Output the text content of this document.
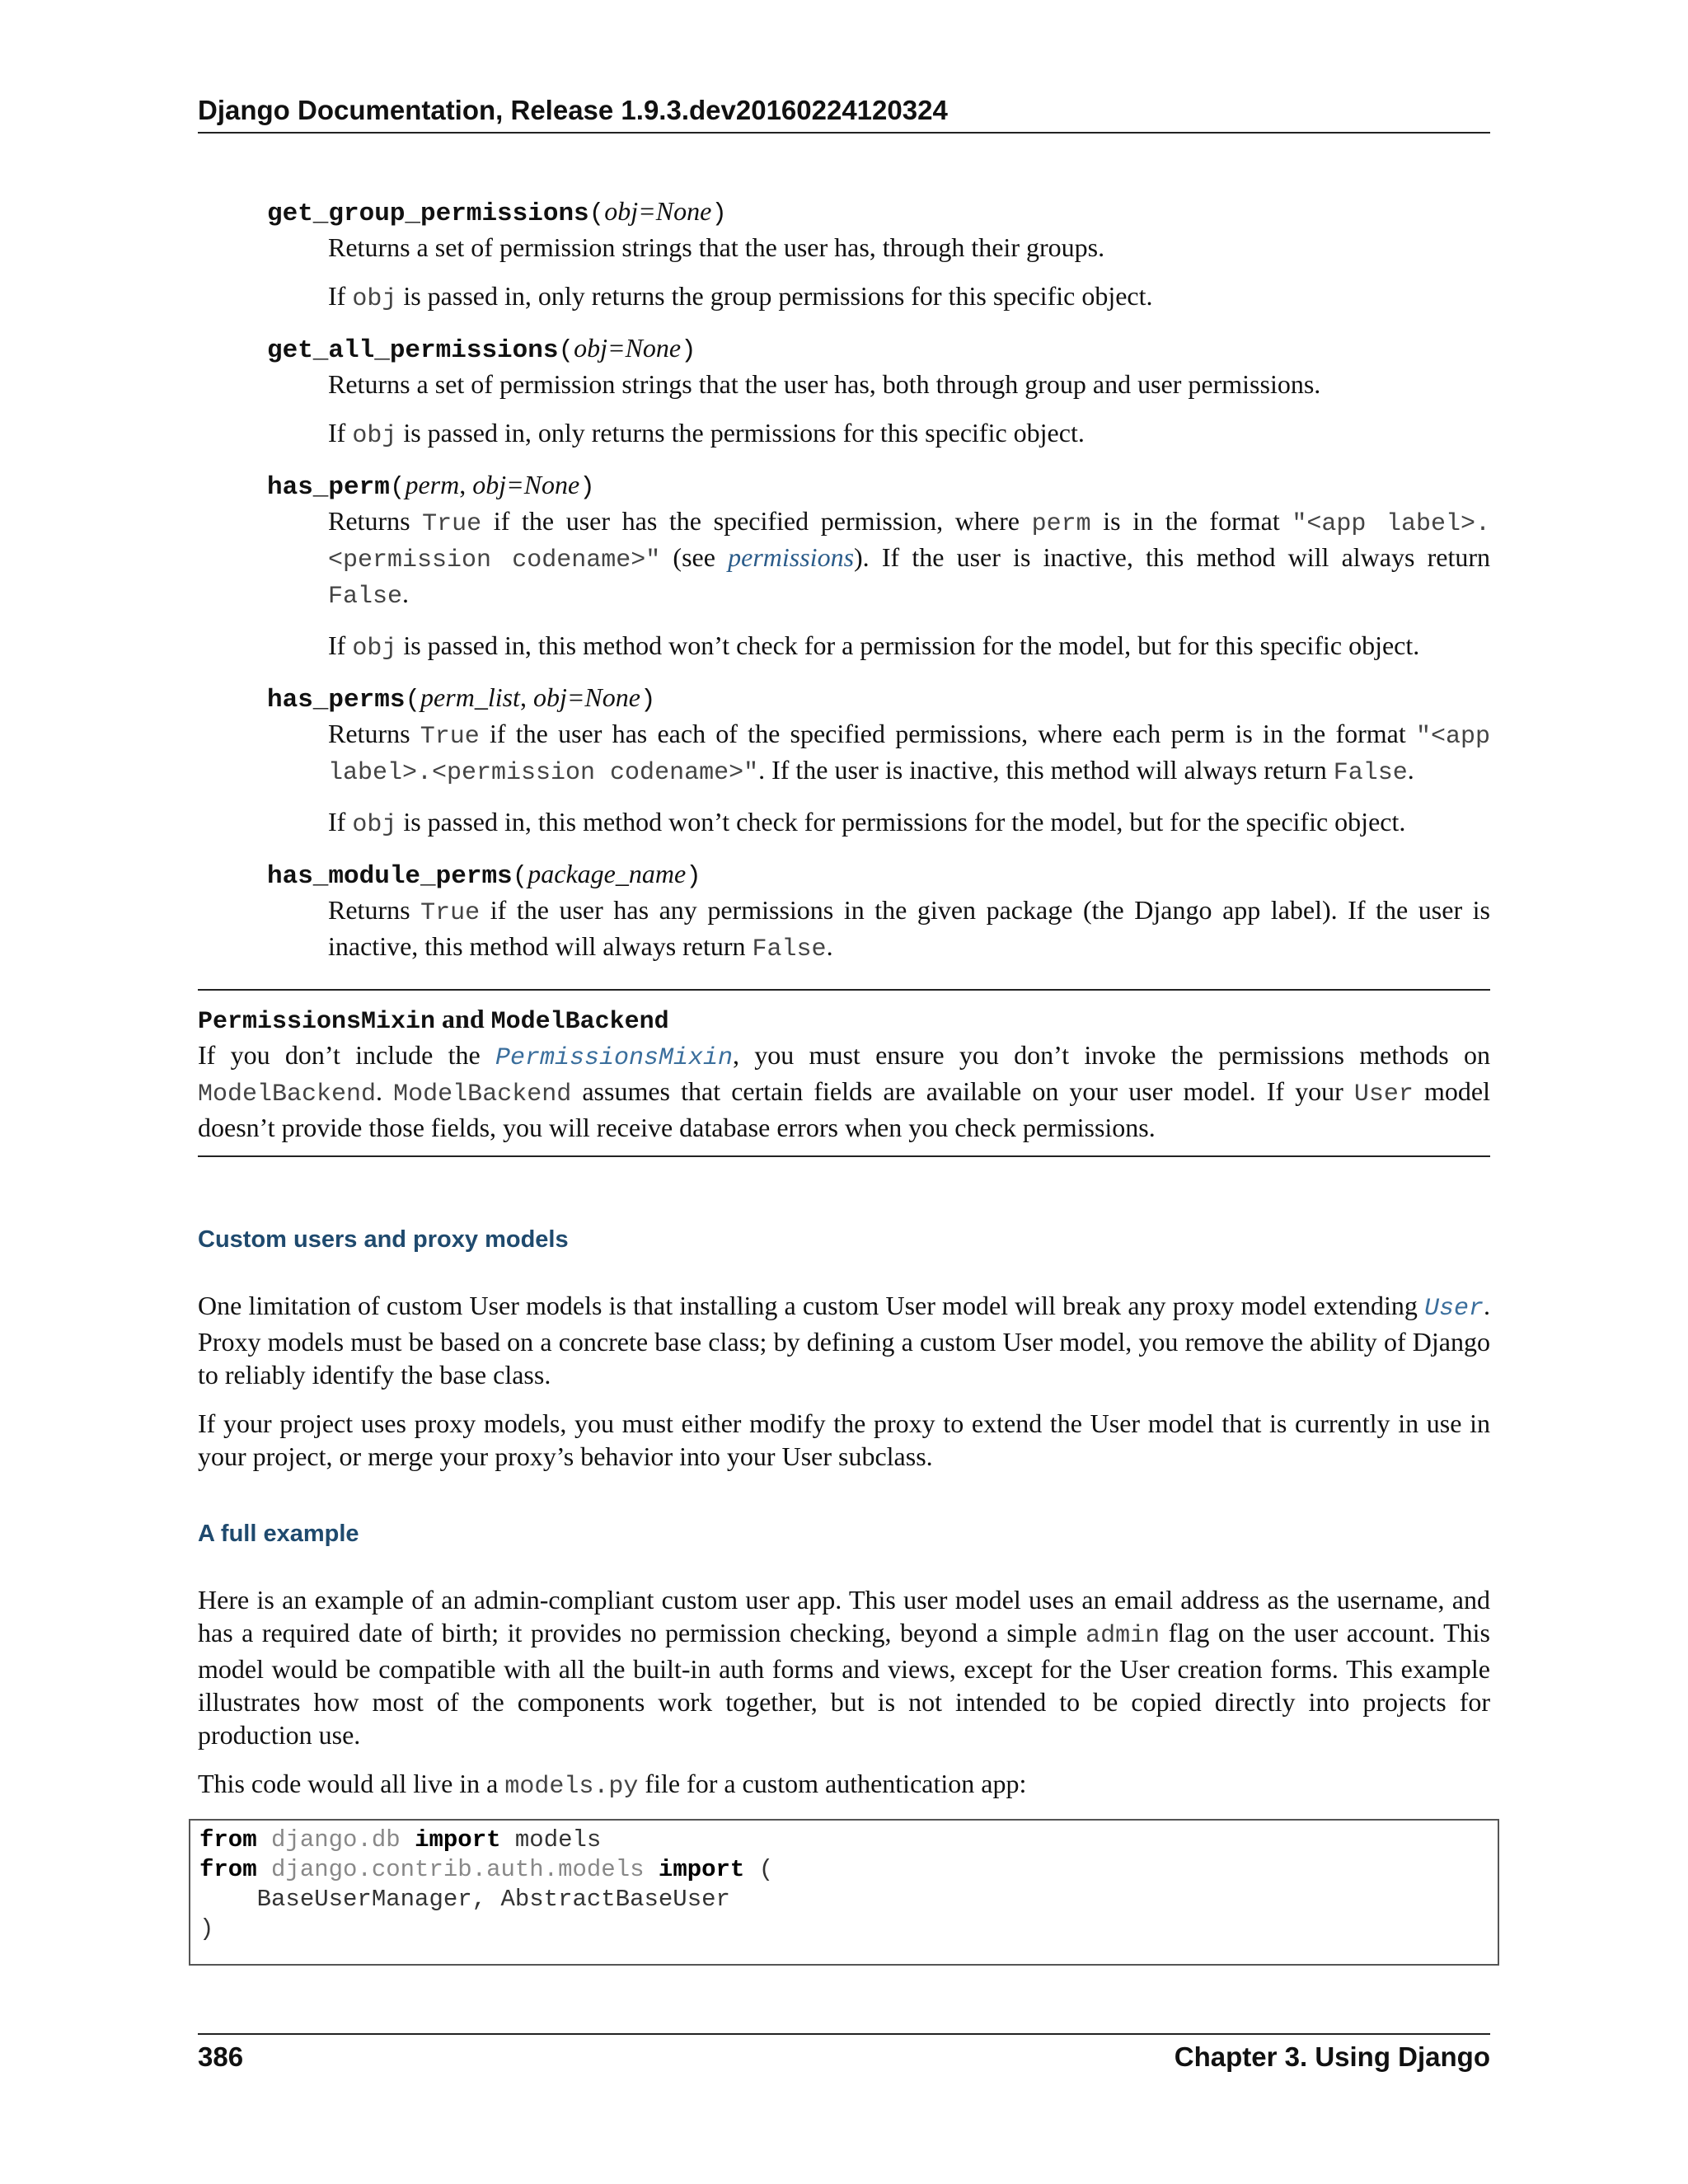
Django Documentation, Release 1.9.3.dev20160224120324
get_group_permissions(obj=None)

Returns a set of permission strings that the user has, through their groups.

If obj is passed in, only returns the group permissions for this specific object.

get_all_permissions(obj=None)

Returns a set of permission strings that the user has, both through group and user permissions.

If obj is passed in, only returns the permissions for this specific object.

has_perm(perm, obj=None)

Returns True if the user has the specified permission, where perm is in the format "<app label>.<permission codename>" (see permissions). If the user is inactive, this method will always return False.

If obj is passed in, this method won’t check for a permission for the model, but for this specific object.

has_perms(perm_list, obj=None)

Returns True if the user has each of the specified permissions, where each perm is in the format "<app label>.<permission codename>". If the user is inactive, this method will always return False.

If obj is passed in, this method won’t check for permissions for the model, but for the specific object.

has_module_perms(package_name)

Returns True if the user has any permissions in the given package (the Django app label). If the user is inactive, this method will always return False.

PermissionsMixin and ModelBackend

If you don’t include the PermissionsMixin, you must ensure you don’t invoke the permissions methods on ModelBackend. ModelBackend assumes that certain fields are available on your user model. If your User model doesn’t provide those fields, you will receive database errors when you check permissions.

Custom users and proxy models

One limitation of custom User models is that installing a custom User model will break any proxy model extending User. Proxy models must be based on a concrete base class; by defining a custom User model, you remove the ability of Django to reliably identify the base class.

If your project uses proxy models, you must either modify the proxy to extend the User model that is currently in use in your project, or merge your proxy’s behavior into your User subclass.

A full example

Here is an example of an admin-compliant custom user app. This user model uses an email address as the username, and has a required date of birth; it provides no permission checking, beyond a simple admin flag on the user account. This model would be compatible with all the built-in auth forms and views, except for the User creation forms. This example illustrates how most of the components work together, but is not intended to be copied directly into projects for production use.

This code would all live in a models.py file for a custom authentication app:

from django.db import models
from django.contrib.auth.models import (
BaseUserManager, AbstractBaseUser
)
386	Chapter 3. Using Django
